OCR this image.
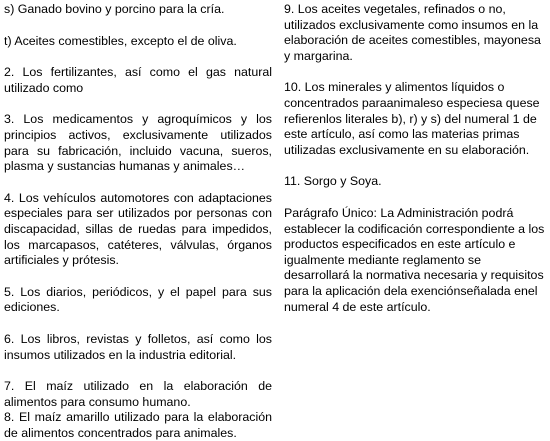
s) Ganado bovino y porcino para la cría.

t) Aceites comestibles, excepto el de oliva.

2. Los fertilizantes, así como el gas natural utilizado como

3. Los medicamentos y agroquímicos y los principios activos, exclusivamente utilizados para su fabricación, incluido vacuna, sueros, plasma y sustancias humanas y animales…

4. Los vehículos automotores con adaptaciones especiales para ser utilizados por personas con discapacidad, sillas de ruedas para impedidos, los marcapasos, catéteres, válvulas, órganos artificiales y prótesis.

5. Los diarios, periódicos, y el papel para sus ediciones.

6. Los libros, revistas y folletos, así como los insumos utilizados en la industria editorial.

7. El maíz utilizado en la elaboración de alimentos para consumo humano.

8. El maíz amarillo utilizado para la elaboración de alimentos concentrados para animales.

9. Los aceites vegetales, refinados o no, utilizados exclusivamente como insumos en la elaboración de aceites comestibles, mayonesa y margarina.

10. Los minerales y alimentos líquidos o concentrados paraanimaleso especiesa quese refierenlos literales b), r) y s) del numeral 1 de este artículo, así como las materias primas utilizadas exclusivamente en su elaboración.

11. Sorgo y Soya.

Parágrafo Único: La Administración podrá establecer la codificación correspondiente a los productos especificados en este artículo e igualmente mediante reglamento se desarrollará la normativa necesaria y requisitos para la aplicación dela exenciónseñalada enel numeral 4 de este artículo.
